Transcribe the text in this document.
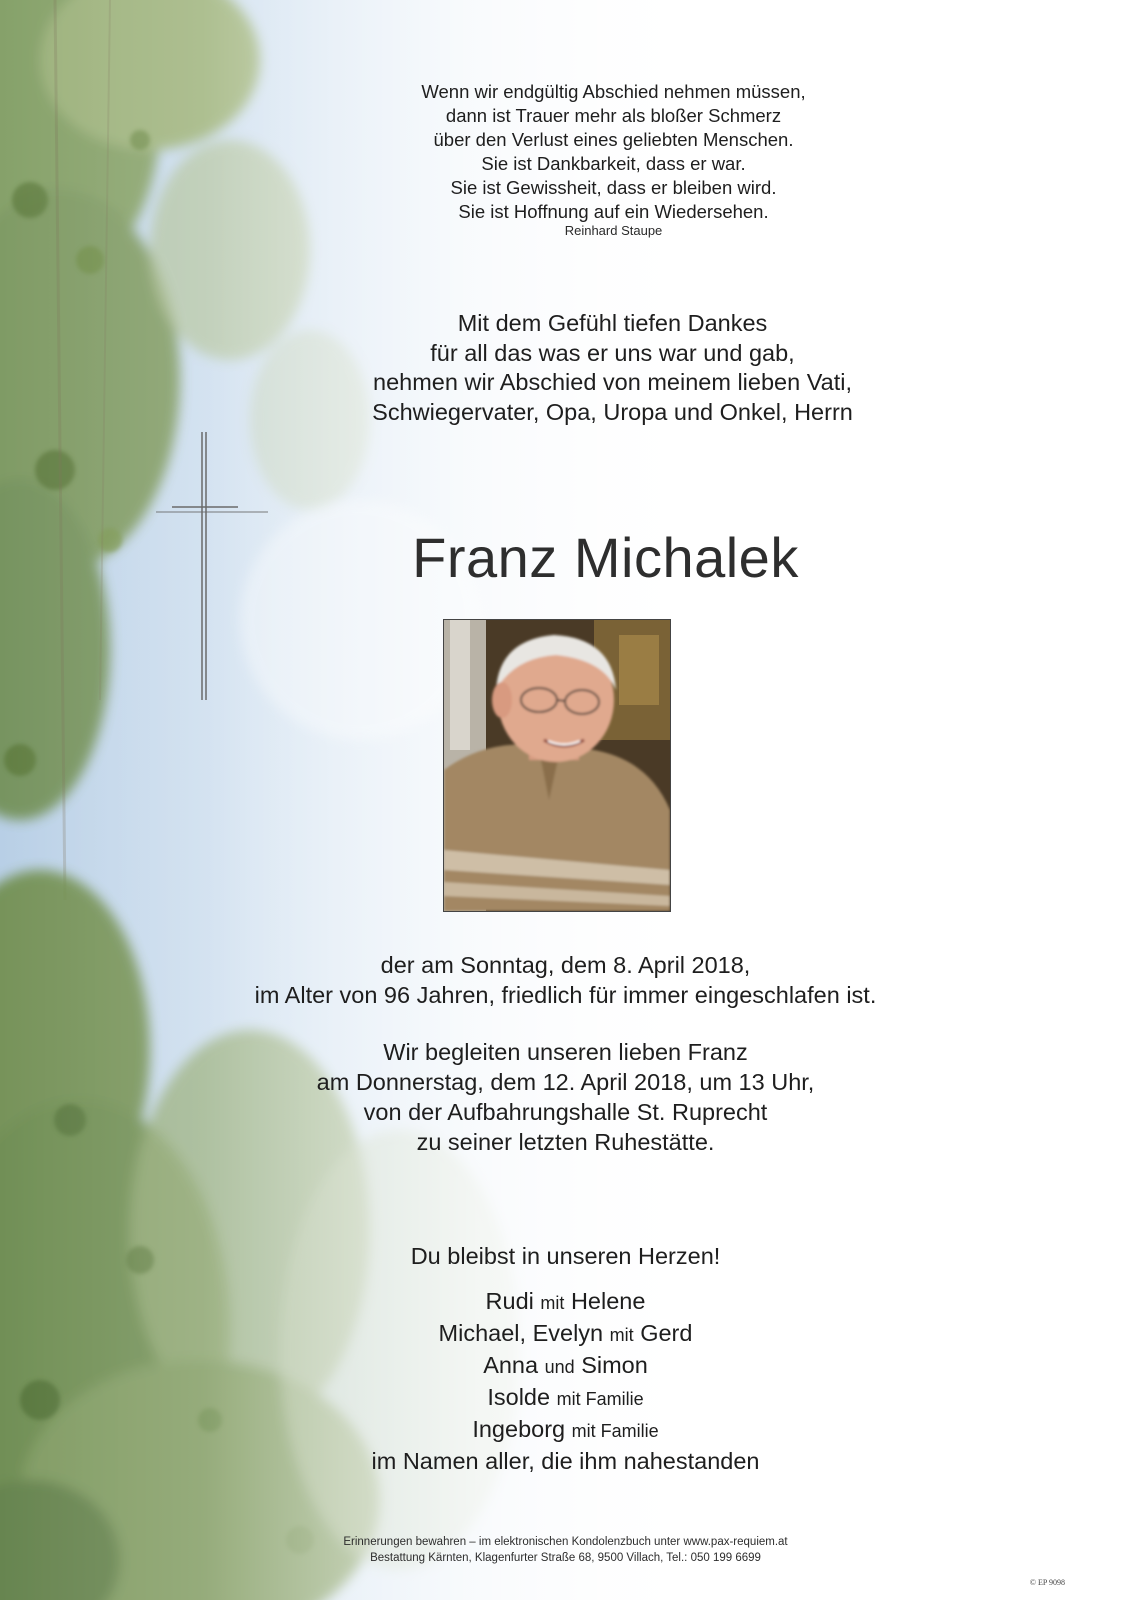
Wenn wir endgültig Abschied nehmen müssen,
dann ist Trauer mehr als bloßer Schmerz
über den Verlust eines geliebten Menschen.
Sie ist Dankbarkeit, dass er war.
Sie ist Gewissheit, dass er bleiben wird.
Sie ist Hoffnung auf ein Wiedersehen.
Reinhard Staupe
Mit dem Gefühl tiefen Dankes
für all das was er uns war und gab,
nehmen wir Abschied von meinem lieben Vati,
Schwiegervater, Opa, Uropa und Onkel, Herrn
Franz Michalek
der am Sonntag, dem 8. April 2018,
im Alter von 96 Jahren, friedlich für immer eingeschlafen ist.
Wir begleiten unseren lieben Franz
am Donnerstag, dem 12. April 2018, um 13 Uhr,
von der Aufbahrungshalle St. Ruprecht
zu seiner letzten Ruhestätte.
Du bleibst in unseren Herzen!
Rudi mit Helene
Michael, Evelyn mit Gerd
Anna und Simon
Isolde mit Familie
Ingeborg mit Familie
im Namen aller, die ihm nahestanden
Erinnerungen bewahren – im elektronischen Kondolenzbuch unter www.pax-requiem.at
Bestattung Kärnten, Klagenfurter Straße 68, 9500 Villach, Tel.: 050 199 6699
© EP 9098
